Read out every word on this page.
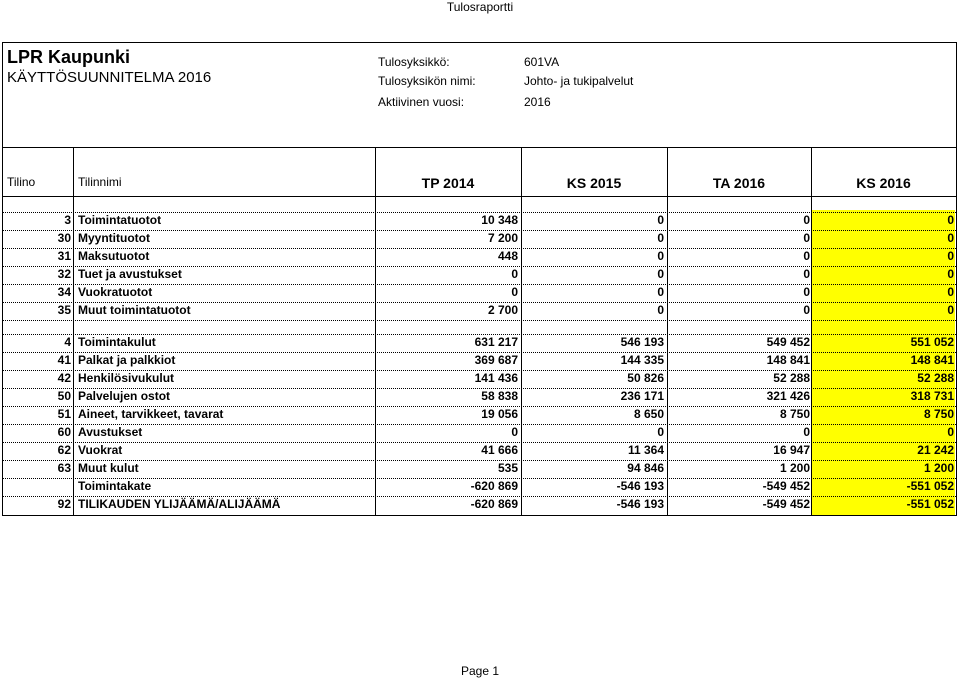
Tulosraportti
LPR Kaupunki
KÄYTTÖSUUNNITELMA 2016
Tulosyksikkö:	601VA
Tulosyksikön nimi:	Johto- ja tukipalvelut
Aktiivinen vuosi:	2016
Tilino	Tilinnimi	TP 2014	KS 2015	TA 2016	KS 2016
3 Toimintatuotot	10 348	0	0	0
30 Myyntituotot	7 200	0	0	0
31 Maksutuotot	448	0	0	0
32 Tuet ja avustukset	0	0	0	0
34 Vuokratuotot	0	0	0	0
35 Muut toimintatuotot	2 700	0	0	0
4 Toimintakulut	631 217	546 193	549 452	551 052
41 Palkat ja palkkiot	369 687	144 335	148 841	148 841
42 Henkilösivukulut	141 436	50 826	52 288	52 288
50 Palvelujen ostot	58 838	236 171	321 426	318 731
51 Aineet, tarvikkeet, tavarat	19 056	8 650	8 750	8 750
60 Avustukset	0	0	0	0
62 Vuokrat	41 666	11 364	16 947	21 242
63 Muut kulut	535	94 846	1 200	1 200
Toimintakate	-620 869	-546 193	-549 452	-551 052
92 TILIKAUDEN YLIJÄÄMÄ/ALIJÄÄMÄ	-620 869	-546 193	-549 452	-551 052
Page 1
